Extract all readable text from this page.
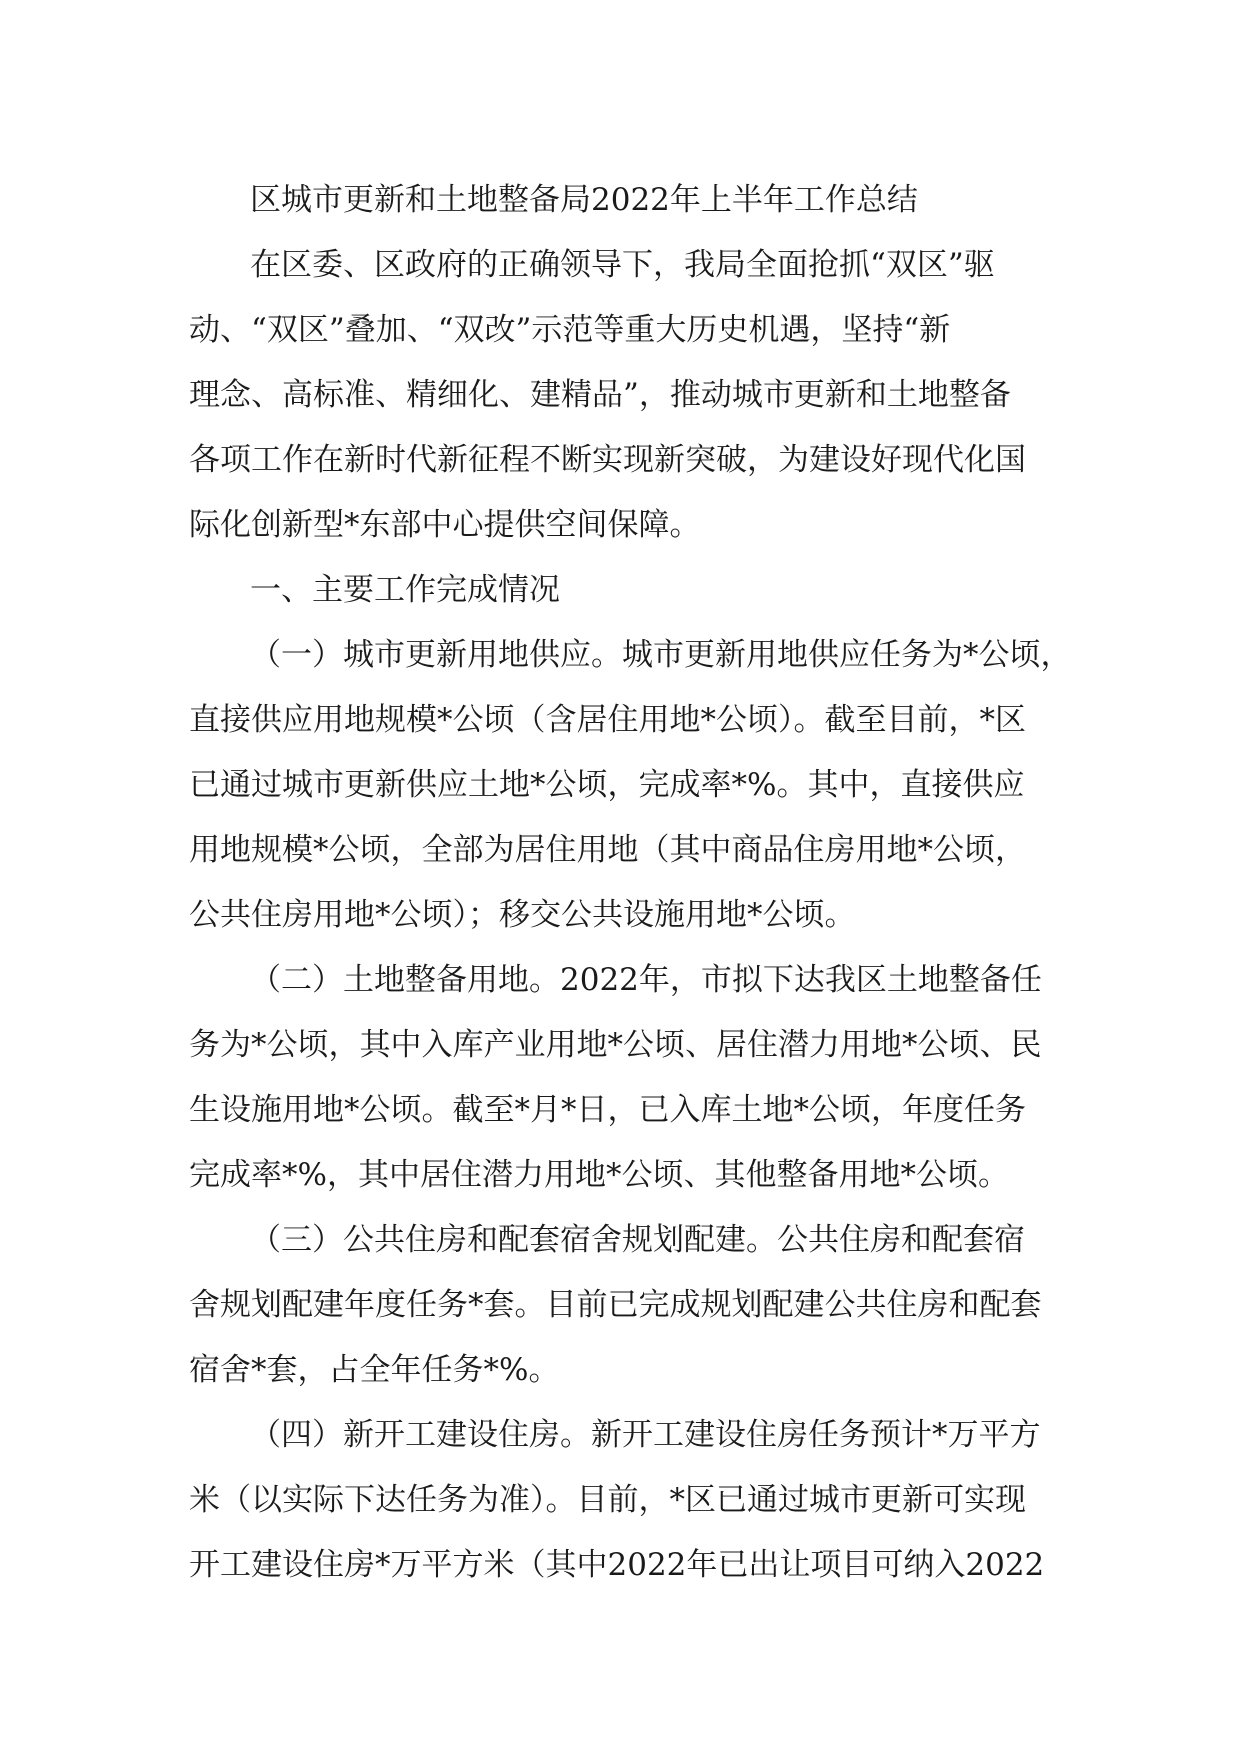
区城市更新和土地整备局2022年上半年工作总结
在区委、区政府的正确领导下，我局全面抢抓“双区”驱
动、“双区”叠加、“双改”示范等重大历史机遇，坚持“新
理念、高标准、精细化、建精品”，推动城市更新和土地整备
各项工作在新时代新征程不断实现新突破，为建设好现代化国
际化创新型*东部中心提供空间保障。
一、主要工作完成情况
（一）城市更新用地供应。城市更新用地供应任务为*公顷，
直接供应用地规模*公顷（含居住用地*公顷）。截至目前，*区
已通过城市更新供应土地*公顷，完成率*%。其中，直接供应
用地规模*公顷，全部为居住用地（其中商品住房用地*公顷，
公共住房用地*公顷）；移交公共设施用地*公顷。
（二）土地整备用地。2022年，市拟下达我区土地整备任
务为*公顷，其中入库产业用地*公顷、居住潜力用地*公顷、民
生设施用地*公顷。截至*月*日，已入库土地*公顷，年度任务
完成率*%，其中居住潜力用地*公顷、其他整备用地*公顷。
（三）公共住房和配套宿舍规划配建。公共住房和配套宿
舍规划配建年度任务*套。目前已完成规划配建公共住房和配套
宿舍*套，占全年任务*%。
（四）新开工建设住房。新开工建设住房任务预计*万平方
米（以实际下达任务为准）。目前，*区已通过城市更新可实现
开工建设住房*万平方米（其中2022年已出让项目可纳入2022
